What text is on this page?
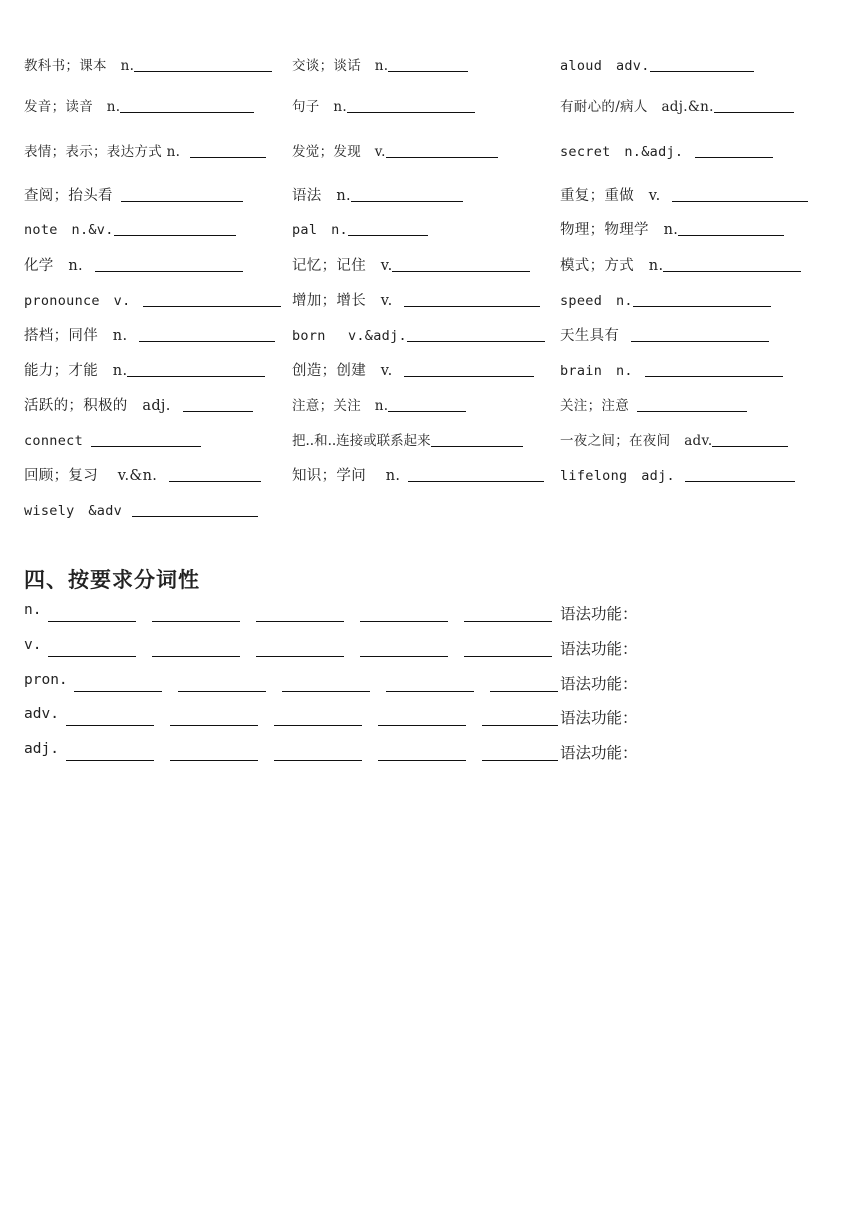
教科书；课本　n.	交谈；谈话　n.	aloud　adv.
发音；读音　n.	句子　n.	有耐心的/病人　adj.&n.
表情；表示；表达方式 n.	发觉；发现　v.	secret　n.&adj.
查阅；抬头看	语法　n.	重复；重做　v.
note　n.&v.	pal　n.	物理；物理学　n.
化学　n.	记忆；记住　v.	模式；方式　n.
pronounce　v.	增加；增长　v.	speed　n.
搭档；同伴　n.	born　 v.&adj.	天生具有
能力；才能　n.	创造；创建　v.	brain　n.
活跃的；积极的　adj.	注意；关注　n.	关注；注意
connect	把..和..连接或联系起来	一夜之间；在夜间　adv.
回顾；复习　 v.&n.	知识；学问　 n.	lifelong　adj.
wisely　&adv
四、按要求分词性
n.	语法功能：
v.	语法功能：
pron.	语法功能：
adv.	语法功能：
adj.	语法功能：
